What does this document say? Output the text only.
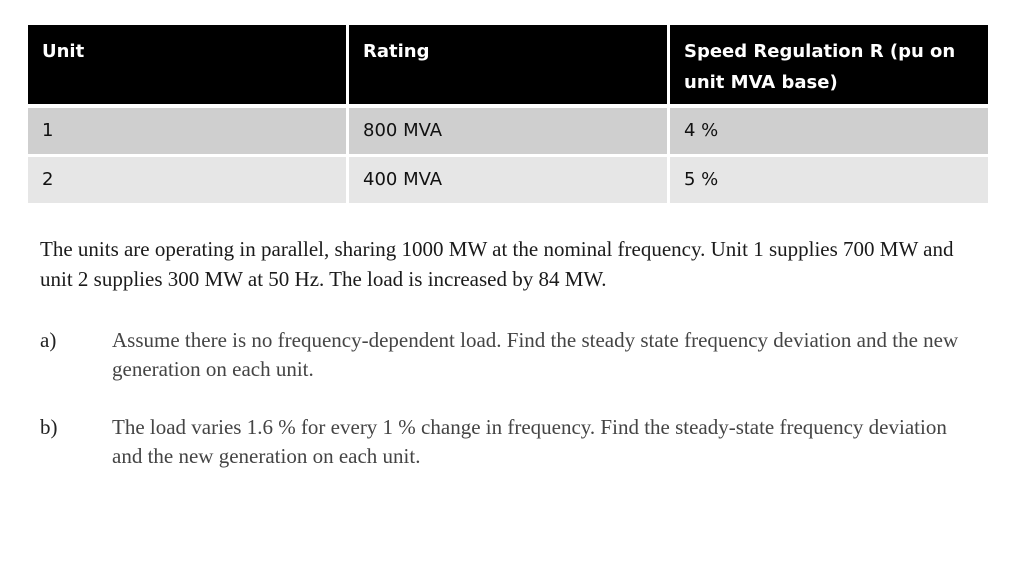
Unit	Rating	Speed Regulation R (pu on unit MVA base)
1	800 MVA	4 %
2	400 MVA	5 %
The units are operating in parallel, sharing 1000 MW at the nominal frequency. Unit 1 supplies 700 MW and unit 2 supplies 300 MW at 50 Hz. The load is increased by 84 MW.
a)	Assume there is no frequency-dependent load. Find the steady state frequency deviation and the new generation on each unit.
b)	The load varies 1.6 % for every 1 % change in frequency. Find the steady-state frequency deviation and the new generation on each unit.
